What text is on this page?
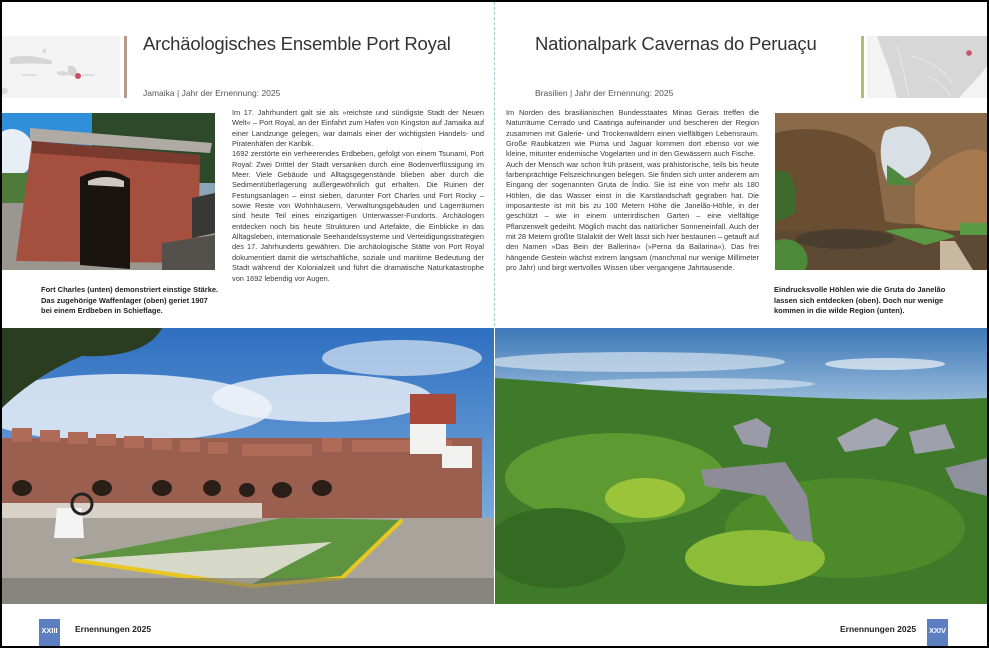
Archäologisches Ensemble Port Royal
Jamaika | Jahr der Ernennung: 2025

Im 17. Jahrhundert galt sie als »reichste und sündigste Stadt der Neuen Welt« – Port Royal, an der Einfahrt zum Hafen von Kingston auf Jamaika auf einer Landzunge gelegen, war damals einer der wichtigsten Handels- und Piratenhäfen der Karibik.

1692 zerstörte ein verheerendes Erdbeben, gefolgt von einem Tsunami, Port Royal: Zwei Drittel der Stadt versanken durch eine Bodenverflüssigung im Meer. Viele Gebäude und Alltagsgegenstände blieben aber durch die Sedimentüberlagerung außergewöhnlich gut erhalten. Die Ruinen der Festungsanlagen – einst sieben, darunter Fort Charles und Fort Rocky – sowie Reste von Wohnhäusern, Verwaltungsgebäuden und Lagerräumen sind heute Teil eines einzigartigen Unterwasser-Fundorts. Archäologen entdecken noch bis heute Strukturen und Artefakte, die Einblicke in das Alltagsleben, internationale Seehandelssysteme und Verteidigungsstrategien des 17. Jahrhunderts gewähren. Die archäologische Stätte von Port Royal dokumentiert damit die wirtschaftliche, soziale und maritime Bedeutung der Stadt während der Kolonialzeit und führt die dramatische Naturkatastrophe von 1692 lebendig vor Augen.

Fort Charles (unten) demonstriert einstige Stärke. Das zugehörige Waffenlager (oben) geriet 1907 bei einem Erdbeben in Schieflage.
XXIII Ernennungen 2025
Nationalpark Cavernas do Peruaçu
Brasilien | Jahr der Ernennung: 2025

Im Norden des brasilianischen Bundesstaates Minas Gerais treffen die Naturräume Cerrado und Caatinga aufeinander und bescheren der Region zusammen mit Galerie- und Trockenwäldern einen vielfältigen Lebensraum. Große Raubkatzen wie Puma und Jaguar kommen dort ebenso vor wie kleine, mitunter endemische Vogelarten und in den Gewässern auch Fische.

Auch der Mensch war schon früh präsent, was prähistorische, teils bis heute farbenprächtige Felszeichnungen belegen. Sie finden sich unter anderem am Eingang der sogenannten Gruta de Índio. Sie ist eine von mehr als 180 Höhlen, die das Wasser einst in die Karstlandschaft gegraben hat. Die imposanteste ist mit bis zu 100 Metern Höhe die Janelão-Höhle, in der geschützt – wie in einem unterirdischen Garten – eine vielfältige Pflanzenwelt gedeiht. Möglich macht das natürlicher Sonneneinfall. Auch der mit 28 Metern größte Stalaktit der Welt lässt sich hier bestaunen – getauft auf den Namen »Das Bein der Ballerina« (»Perna da Bailarina«). Das frei hängende Gestein wächst extrem langsam (manchmal nur wenige Millimeter pro Jahr) und birgt wertvolles Wissen über vergangene Jahrtausende.

Eindrucksvolle Höhlen wie die Gruta do Janelão lassen sich entdecken (oben). Doch nur wenige kommen in die wilde Region (unten).
Ernennungen 2025 XXIV
